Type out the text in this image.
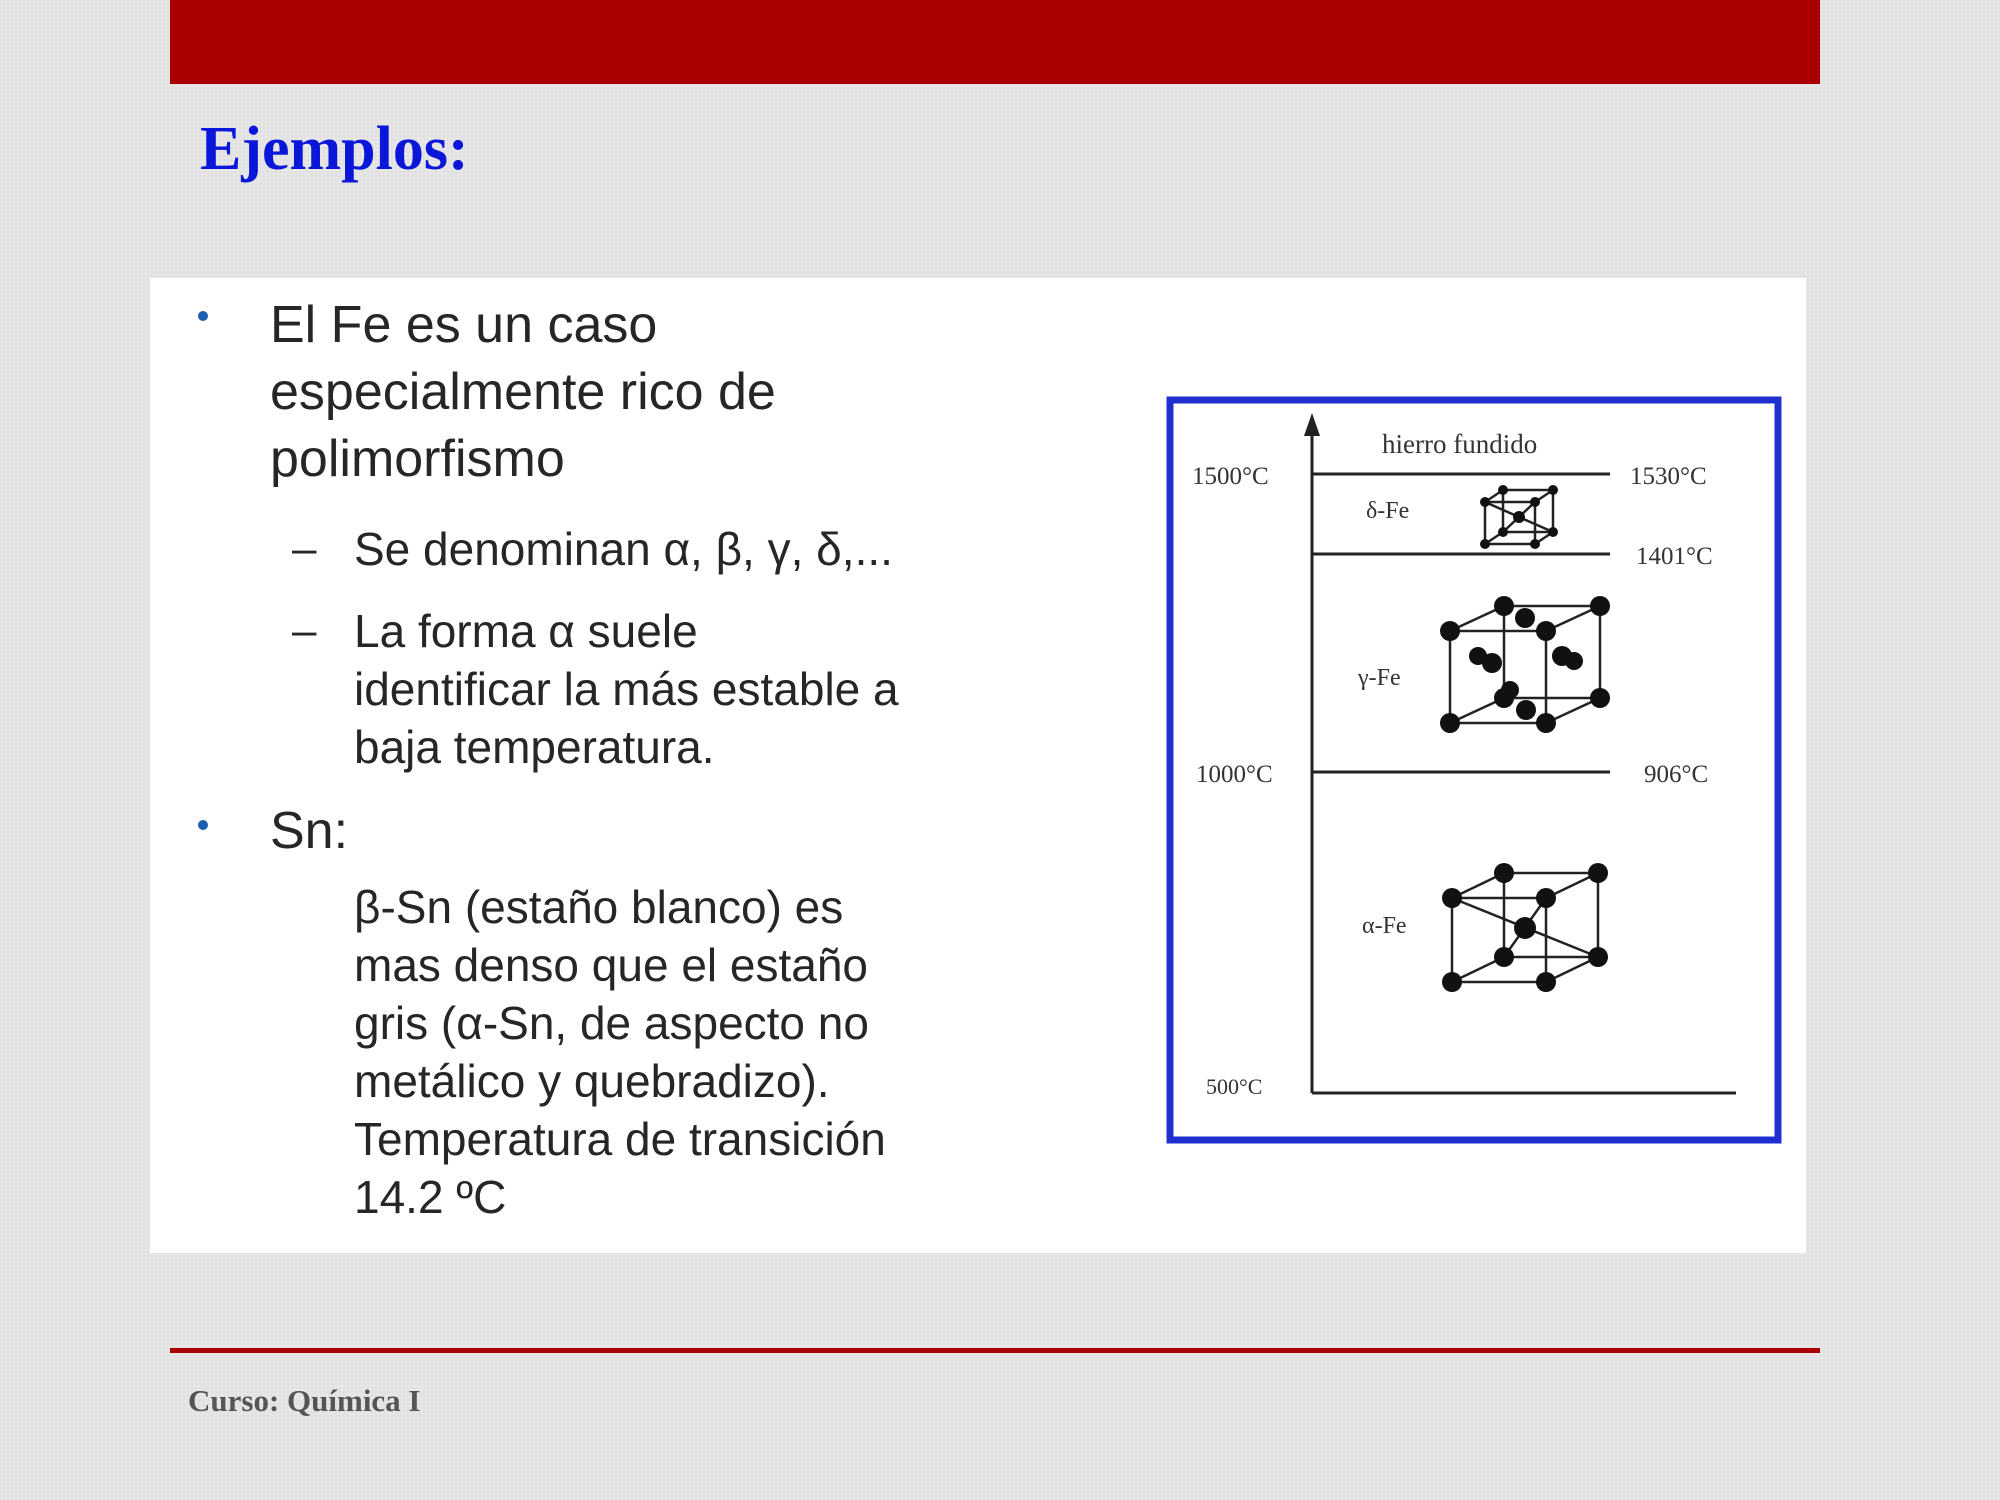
Ejemplos:
El Fe es un caso
especialmente rico de
polimorfismo
– Se denominan α, β, γ, δ,...
– La forma α suele
identificar la más estable a
baja temperatura.
Sn:
β-Sn (estaño blanco) es
mas denso que el estaño
gris (α-Sn, de aspecto no
metálico y quebradizo).
Temperatura de transición
14.2 ºC
hierro fundido
1500°C	1530°C
1401°C
1000°C	906°C
500°C
δ-Fe
γ-Fe
α-Fe
Curso: Química I
